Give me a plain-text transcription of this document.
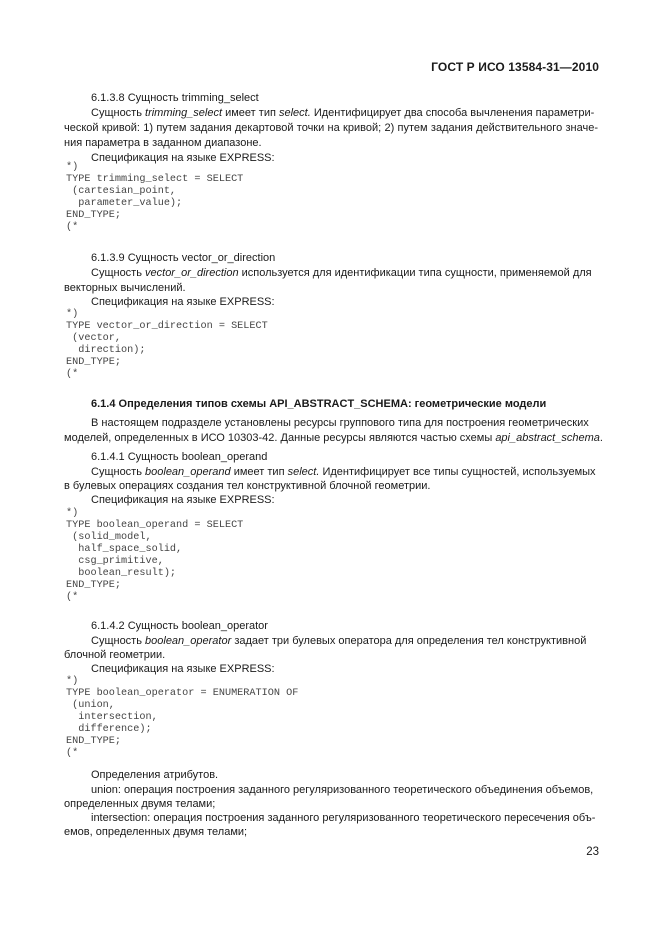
ГОСТ Р ИСО 13584-31—2010
6.1.3.8 Сущность trimming_select
Сущность trimming_select имеет тип select. Идентифицирует два способа вычленения параметри-
ческой кривой: 1) путем задания декартовой точки на кривой; 2) путем задания действительного значе-
ния параметра в заданном диапазоне.
Спецификация на языке EXPRESS:
*)
TYPE trimming_select = SELECT
(cartesian_point,
parameter_value);
END_TYPE;
(*
6.1.3.9 Сущность vector_or_direction
Сущность vector_or_direction используется для идентификации типа сущности, применяемой для
векторных вычислений.
Спецификация на языке EXPRESS:
*)
TYPE vector_or_direction = SELECT
(vector,
direction);
END_TYPE;
(*
6.1.4 Определения типов схемы API_ABSTRACT_SCHEMA: геометрические модели
В настоящем подразделе установлены ресурсы группового типа для построения геометрических
моделей, определенных в ИСО 10303-42. Данные ресурсы являются частью схемы api_abstract_schema.
6.1.4.1 Сущность boolean_operand
Сущность boolean_operand имеет тип select. Идентифицирует все типы сущностей, используемых
в булевых операциях создания тел конструктивной блочной геометрии.
Спецификация на языке EXPRESS:
*)
TYPE boolean_operand = SELECT
(solid_model,
half_space_solid,
csg_primitive,
boolean_result);
END_TYPE;
(*
6.1.4.2 Сущность boolean_operator
Сущность boolean_operator задает три булевых оператора для определения тел конструктивной
блочной геометрии.
Спецификация на языке EXPRESS:
*)
TYPE boolean_operator = ENUMERATION OF
(union,
intersection,
difference);
END_TYPE;
(*
Определения атрибутов.
union: операция построения заданного регуляризованного теоретического объединения объемов,
определенных двумя телами;
intersection: операция построения заданного регуляризованного теоретического пересечения объ-
емов, определенных двумя телами;
23
